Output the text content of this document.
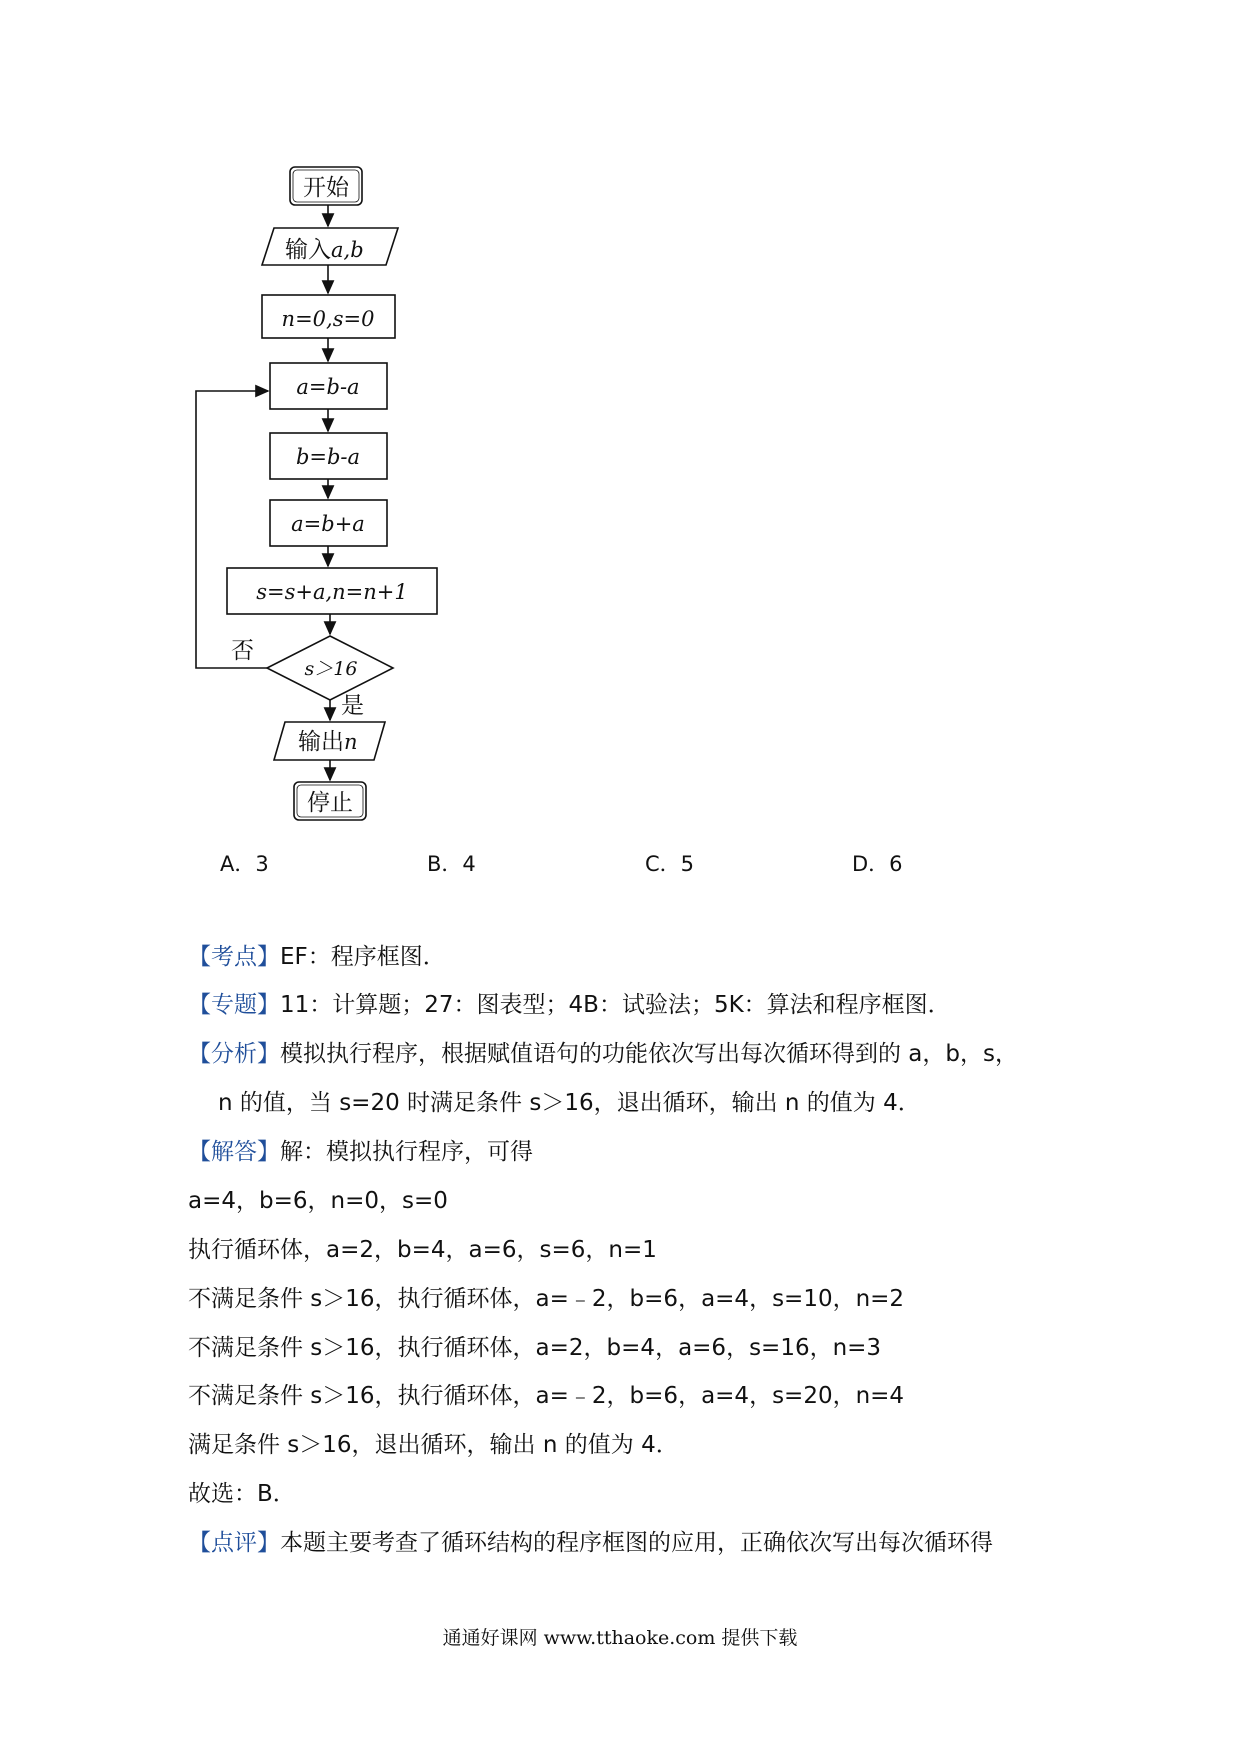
开始
输入a,b
n=0,s=0
a=b-a
b=b-a
a=b+a
s=s+a,n=n+1
s＞16
否
是
输出n
停止
A．3	B．4	C．5	D．6
【考点】EF：程序框图．
【专题】11：计算题；27：图表型；4B：试验法；5K：算法和程序框图．
【分析】模拟执行程序，根据赋值语句的功能依次写出每次循环得到的 a，b，s，
n 的值，当 s=20 时满足条件 s＞16，退出循环，输出 n 的值为 4．
【解答】解：模拟执行程序，可得
a=4，b=6，n=0，s=0
执行循环体，a=2，b=4，a=6，s=6，n=1
不满足条件 s＞16，执行循环体，a=﹣2，b=6，a=4，s=10，n=2
不满足条件 s＞16，执行循环体，a=2，b=4，a=6，s=16，n=3
不满足条件 s＞16，执行循环体，a=﹣2，b=6，a=4，s=20，n=4
满足条件 s＞16，退出循环，输出 n 的值为 4．
故选：B．
【点评】本题主要考查了循环结构的程序框图的应用，正确依次写出每次循环得
通通好课网 www.tthaoke.com 提供下载
